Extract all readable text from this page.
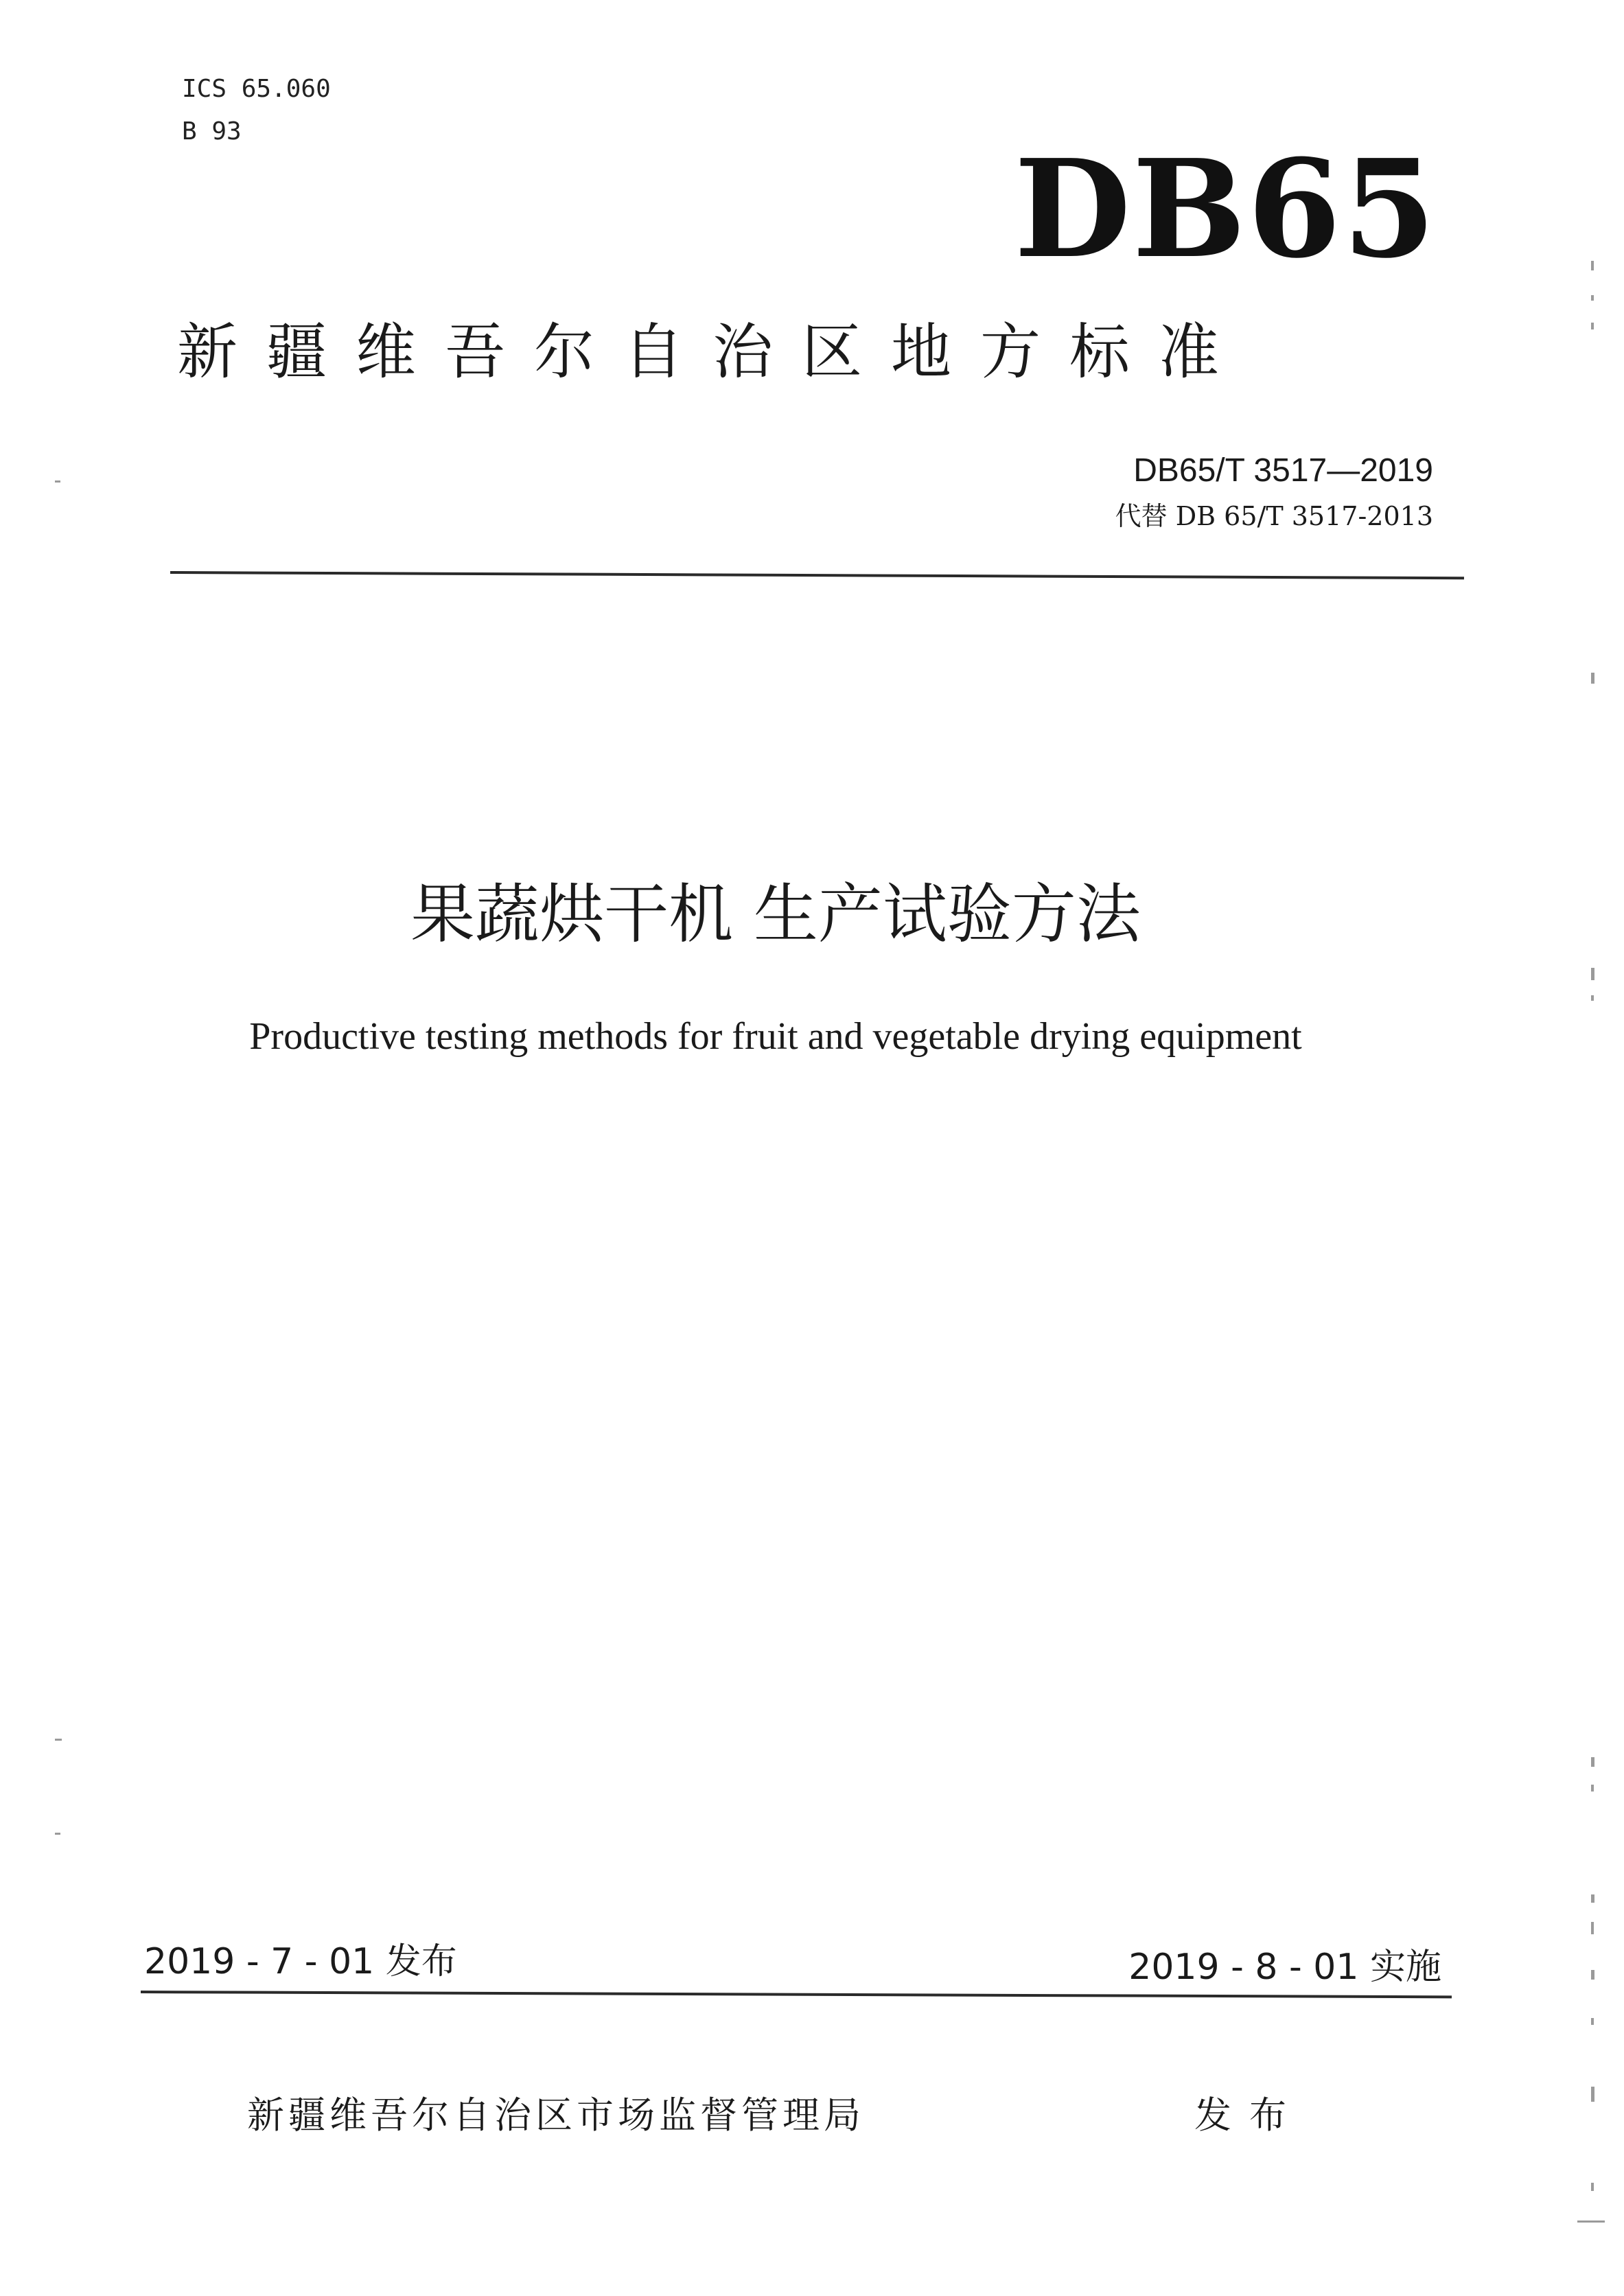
ICS 65.060
B 93	DB65
新疆维吾尔自治区地方标准
DB65/T 3517—2019
代替 DB 65/T 3517-2013
果蔬烘干机 生产试验方法
Productive testing methods for fruit and vegetable drying equipment
2019 - 7 - 01 发布	2019 - 8 - 01 实施
新疆维吾尔自治区市场监督管理局	发布
